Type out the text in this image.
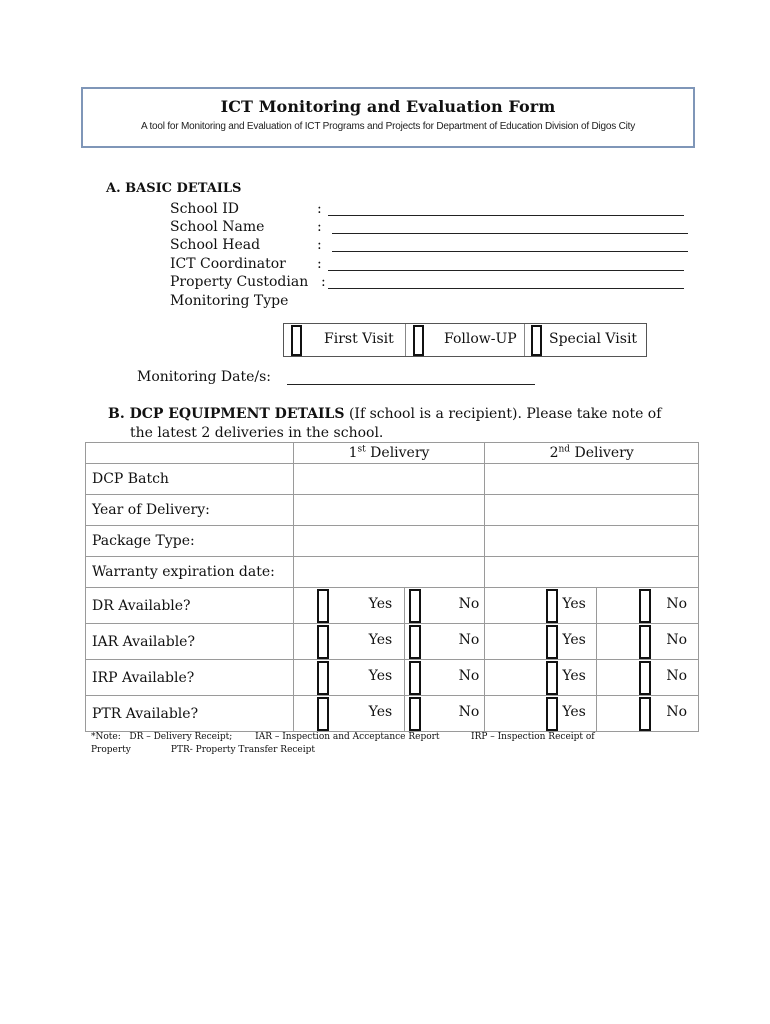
ICT Monitoring and Evaluation Form
A tool for Monitoring and Evaluation of ICT Programs and Projects for Department of Education Division of Digos City
A. BASIC DETAILS
School ID	:
School Name	:
School Head	:
ICT Coordinator :
Property Custodian :
Monitoring Type
First Visit	Follow-UP Special Visit
Monitoring Date/s:
B. DCP EQUIPMENT DETAILS (If school is a recipient). Please take note of
the latest 2 deliveries in the school.
	1st Delivery	2nd Delivery
DCP Batch		
Year of Delivery:		
Package Type:		
Warranty expiration date:		
DR Available?	Yes No	Yes No

IAR Available?	Yes No	Yes No

IRP Available?	Yes No	Yes No

PTR Available?	Yes No	Yes No
*Note:   DR – Delivery Receipt;        IAR – Inspection and Acceptance Report           IRP – Inspection Receipt of
Property              PTR- Property Transfer Receipt
